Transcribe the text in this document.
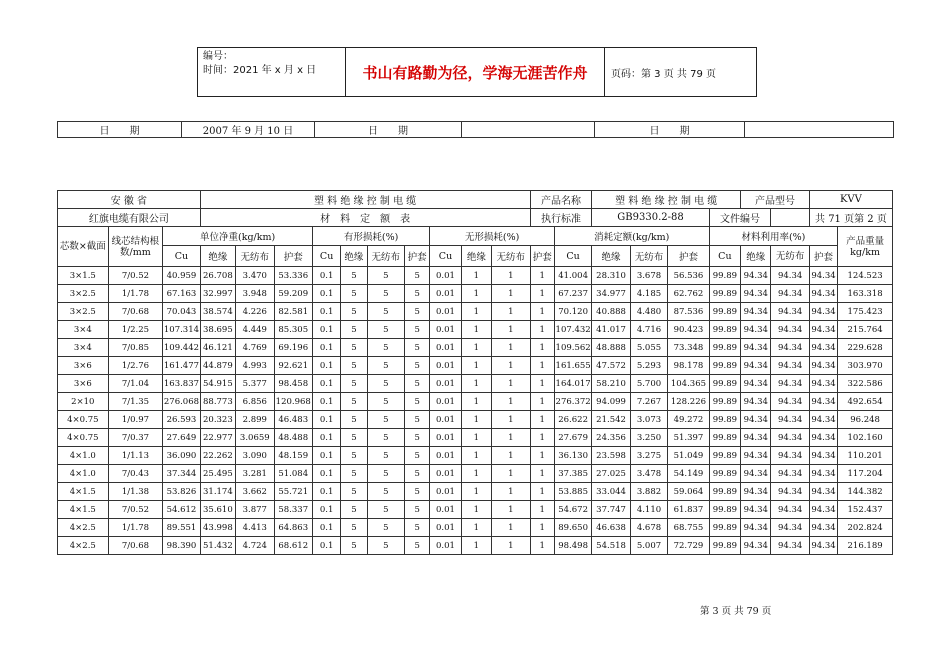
编号：
时间：2021 年 x 月 x 日	书山有路勤为径，学海无涯苦作舟	页码：第 3 页 共 79 页
日　　期	2007 年 9 月 10 日	日　　期		日　　期	
安 徽 省			塑 料 绝 缘 控 制 电 缆										产品名称		塑 料 绝 缘 控 制 电 缆				产品型号		KVV	
红旗电缆有限公司			材　料　定　额　表										执行标准		GB9330.2-88			文件编号			共 71 页第 2 页	
芯数×截面	线芯结构根数/mm	单位净重(kg/km)				有形损耗(%)				无形损耗(%)				消耗定额(kg/km)				材料利用率(%)				产品重量kg/km
		Cu	绝缘	无纺布	护套	Cu	绝缘	无纺布	护套	Cu	绝缘	无纺布	护套	Cu	绝缘	无纺布	护套	Cu	绝缘	无纺布	护套	
3×1.5	7/0.52	40.959	26.708	3.470	53.336	0.1	5	5	5	0.01	1	1	1	41.004	28.310	3.678	56.536	99.89	94.34	94.34	94.34	124.523
3×2.5	1/1.78	67.163	32.997	3.948	59.209	0.1	5	5	5	0.01	1	1	1	67.237	34.977	4.185	62.762	99.89	94.34	94.34	94.34	163.318
3×2.5	7/0.68	70.043	38.574	4.226	82.581	0.1	5	5	5	0.01	1	1	1	70.120	40.888	4.480	87.536	99.89	94.34	94.34	94.34	175.423
3×4	1/2.25	107.314	38.695	4.449	85.305	0.1	5	5	5	0.01	1	1	1	107.432	41.017	4.716	90.423	99.89	94.34	94.34	94.34	215.764
3×4	7/0.85	109.442	46.121	4.769	69.196	0.1	5	5	5	0.01	1	1	1	109.562	48.888	5.055	73.348	99.89	94.34	94.34	94.34	229.628
3×6	1/2.76	161.477	44.879	4.993	92.621	0.1	5	5	5	0.01	1	1	1	161.655	47.572	5.293	98.178	99.89	94.34	94.34	94.34	303.970
3×6	7/1.04	163.837	54.915	5.377	98.458	0.1	5	5	5	0.01	1	1	1	164.017	58.210	5.700	104.365	99.89	94.34	94.34	94.34	322.586
2×10	7/1.35	276.068	88.773	6.856	120.968	0.1	5	5	5	0.01	1	1	1	276.372	94.099	7.267	128.226	99.89	94.34	94.34	94.34	492.654
4×0.75	1/0.97	26.593	20.323	2.899	46.483	0.1	5	5	5	0.01	1	1	1	26.622	21.542	3.073	49.272	99.89	94.34	94.34	94.34	96.248
4×0.75	7/0.37	27.649	22.977	3.0659	48.488	0.1	5	5	5	0.01	1	1	1	27.679	24.356	3.250	51.397	99.89	94.34	94.34	94.34	102.160
4×1.0	1/1.13	36.090	22.262	3.090	48.159	0.1	5	5	5	0.01	1	1	1	36.130	23.598	3.275	51.049	99.89	94.34	94.34	94.34	110.201
4×1.0	7/0.43	37.344	25.495	3.281	51.084	0.1	5	5	5	0.01	1	1	1	37.385	27.025	3.478	54.149	99.89	94.34	94.34	94.34	117.204
4×1.5	1/1.38	53.826	31.174	3.662	55.721	0.1	5	5	5	0.01	1	1	1	53.885	33.044	3.882	59.064	99.89	94.34	94.34	94.34	144.382
4×1.5	7/0.52	54.612	35.610	3.877	58.337	0.1	5	5	5	0.01	1	1	1	54.672	37.747	4.110	61.837	99.89	94.34	94.34	94.34	152.437
4×2.5	1/1.78	89.551	43.998	4.413	64.863	0.1	5	5	5	0.01	1	1	1	89.650	46.638	4.678	68.755	99.89	94.34	94.34	94.34	202.824
4×2.5	7/0.68	98.390	51.432	4.724	68.612	0.1	5	5	5	0.01	1	1	1	98.498	54.518	5.007	72.729	99.89	94.34	94.34	94.34	216.189
第 3 页 共 79 页
